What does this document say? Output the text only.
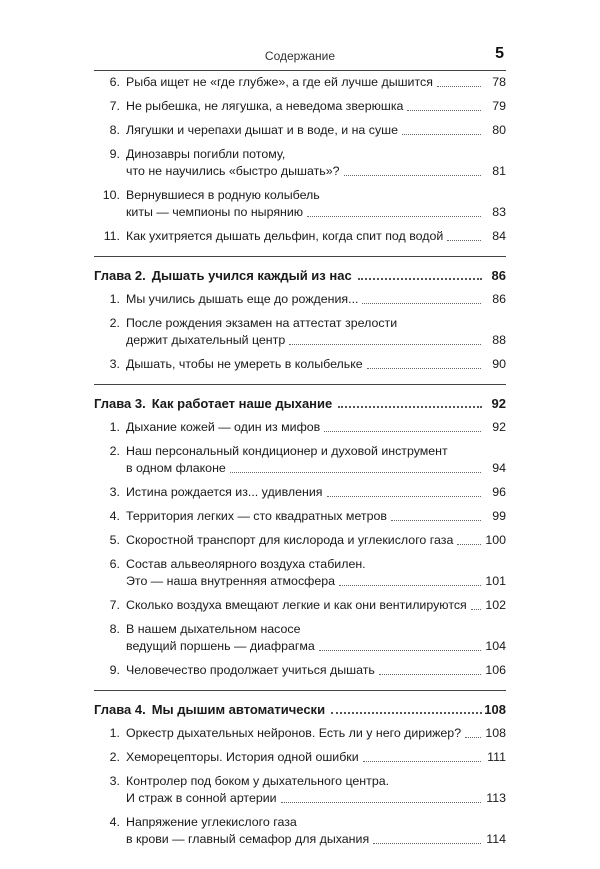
Содержание	5
6. Рыба ищет не «где глубже», а где ей лучше дышится	78
7. Не рыбешка, не лягушка, а неведома зверюшка	79
8. Лягушки и черепахи дышат и в воде, и на суше	80
9. Динозавры погибли потому,
что не научились «быстро дышать»?	81
10. Вернувшиеся в родную колыбель
киты — чемпионы по нырянию	83
11. Как ухитряется дышать дельфин, когда спит под водой	84
Глава 2. Дышать учился каждый из нас	86
1. Мы учились дышать еще до рождения...	86
2. После рождения экзамен на аттестат зрелости
держит дыхательный центр	88
3. Дышать, чтобы не умереть в колыбельке	90
Глава 3. Как работает наше дыхание	92
1. Дыхание кожей — один из мифов	92
2. Наш персональный кондиционер и духовой инструмент
в одном флаконе	94
3. Истина рождается из... удивления	96
4. Территория легких — сто квадратных метров	99
5. Скоростной транспорт для кислорода и углекислого газа	100
6. Состав альвеолярного воздуха стабилен.
Это — наша внутренняя атмосфера	101
7. Сколько воздуха вмещают легкие и как они вентилируются 102
8. В нашем дыхательном насосе
ведущий поршень — диафрагма	104
9. Человечество продолжает учиться дышать	106
Глава 4. Мы дышим автоматически	108
1. Оркестр дыхательных нейронов. Есть ли у него дирижер? 108
2. Хеморецепторы. История одной ошибки	111
3. Контролер под боком у дыхательного центра.
И страж в сонной артерии	113
4. Напряжение углекислого газа
в крови — главный семафор для дыхания	114
